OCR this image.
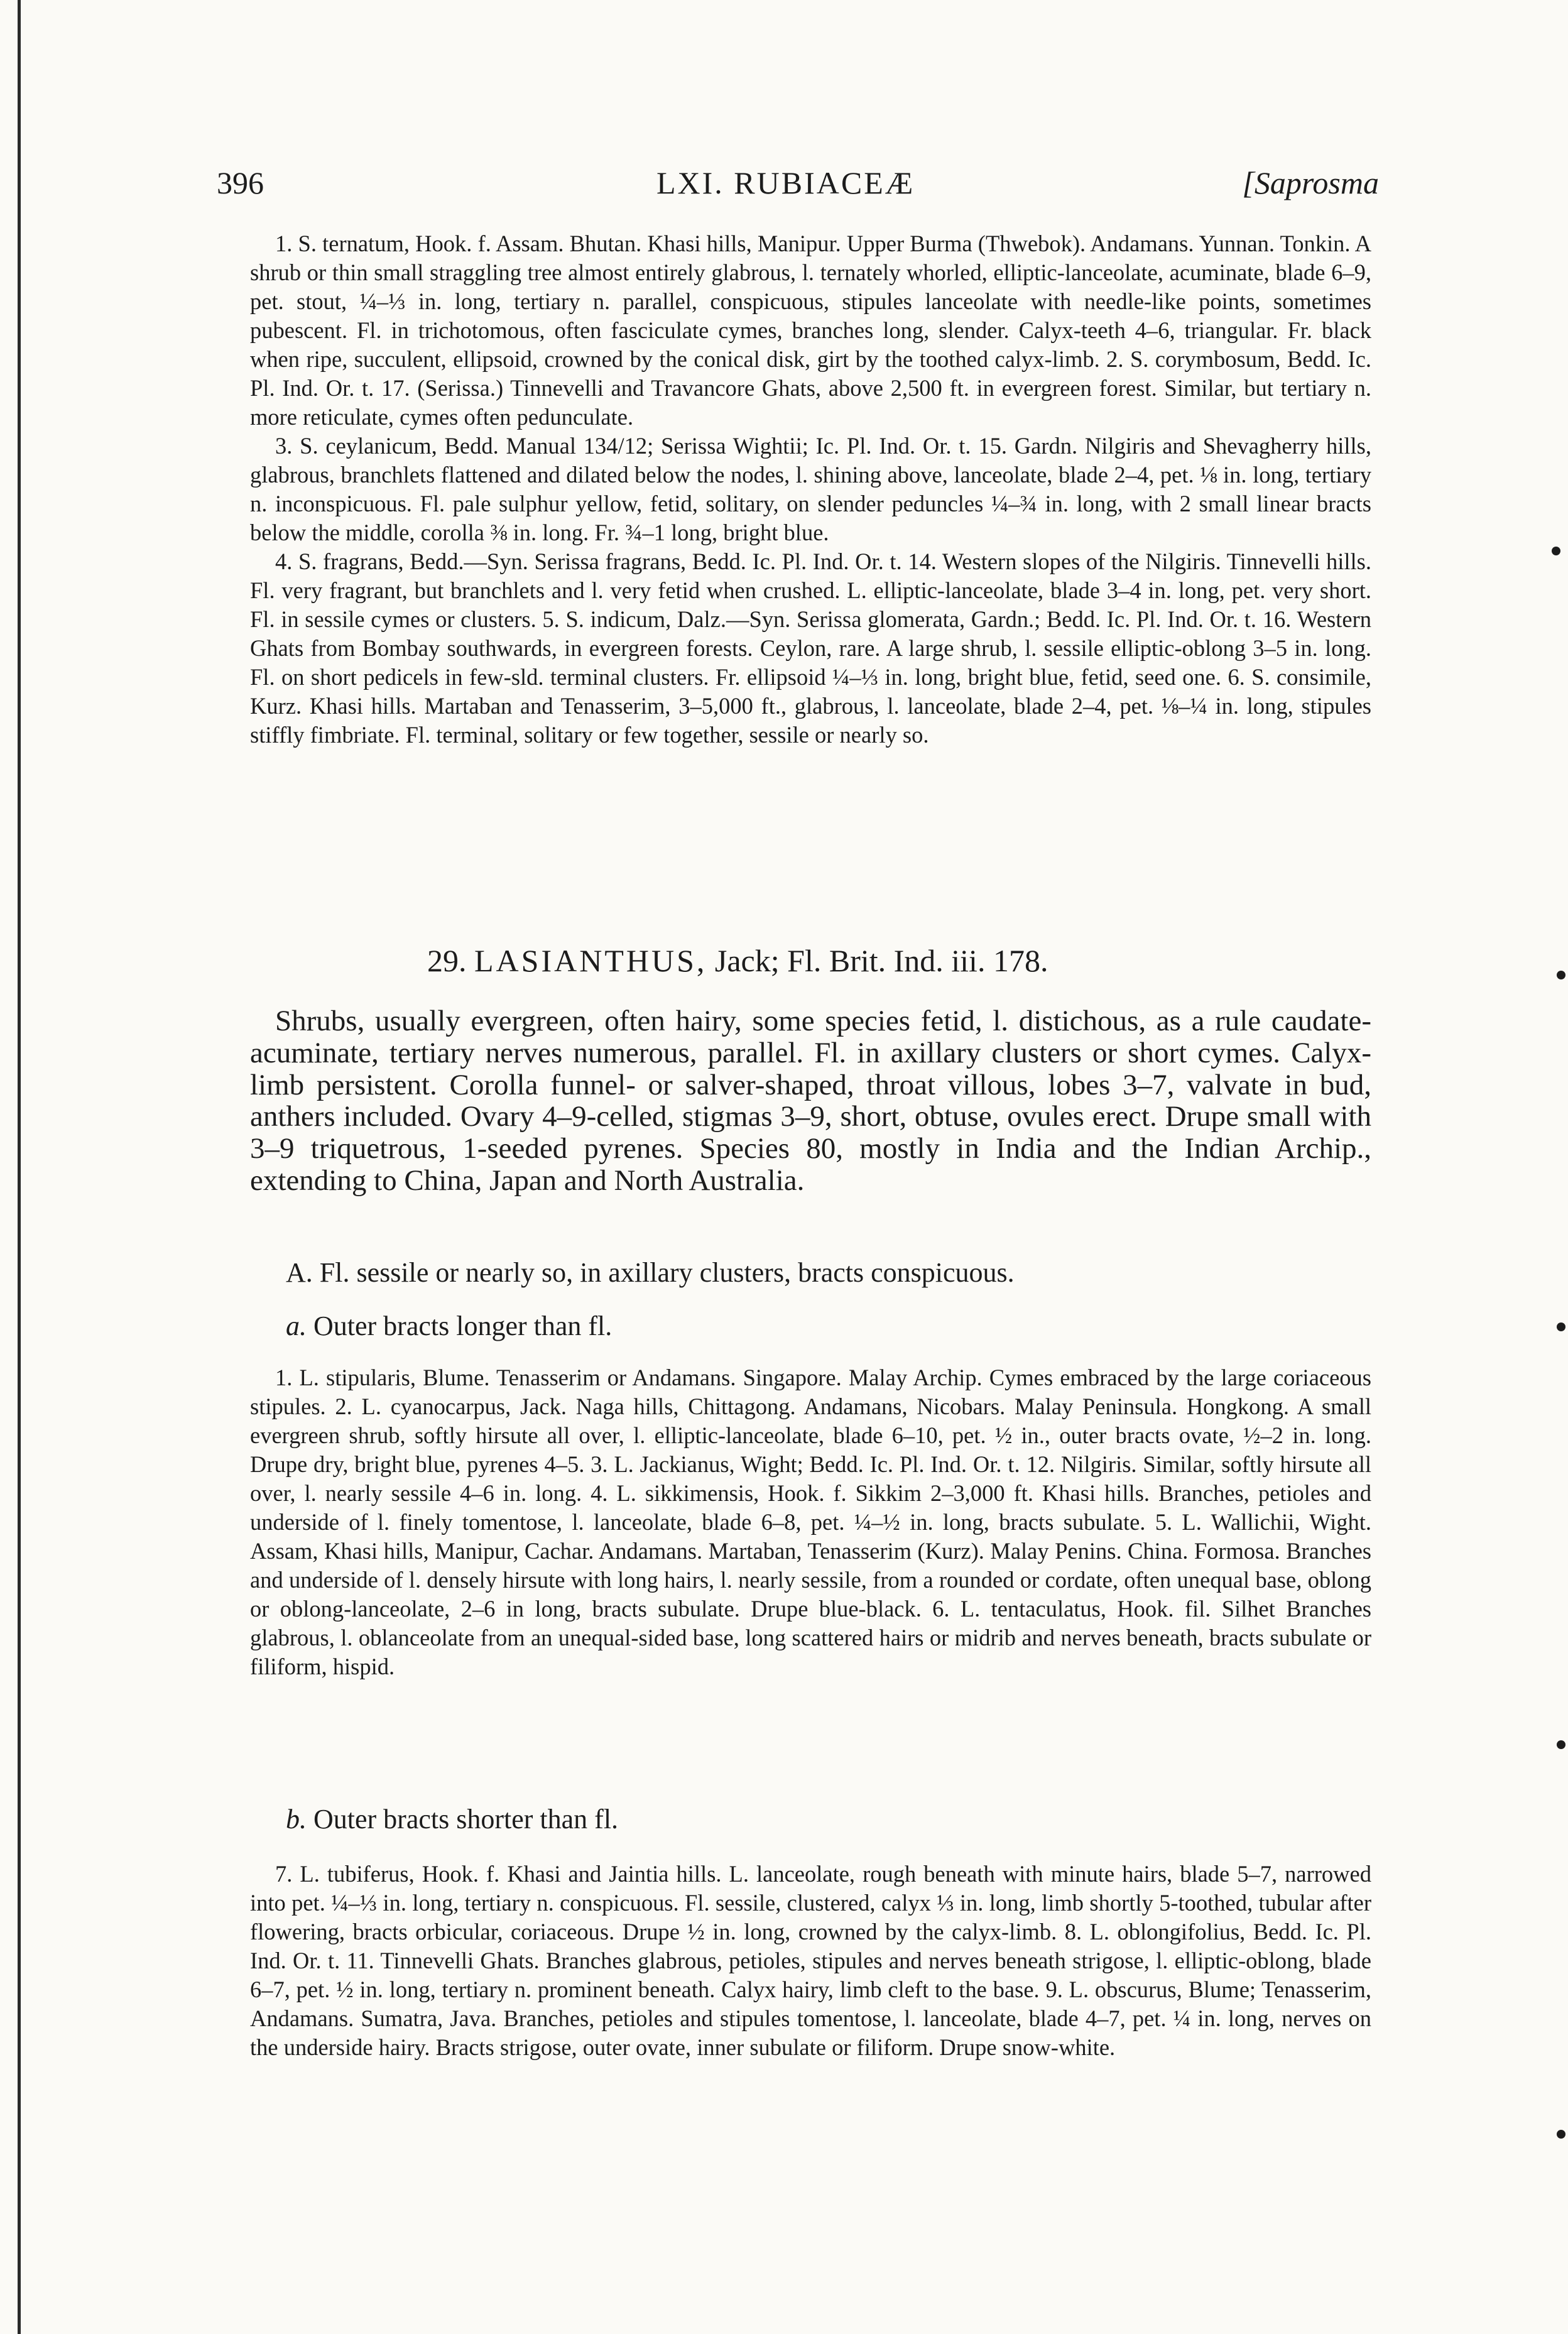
396	LXI. RUBIACEÆ	[Saprosma

1. S. ternatum, Hook. f. Assam. Bhutan. Khasi hills, Manipur. Upper Burma (Thwebok). Andamans. Yunnan. Tonkin. A shrub or thin small straggling tree almost entirely glabrous, l. ternately whorled, elliptic-lanceolate, acuminate, blade 6–9, pet. stout, ¼–⅓ in. long, tertiary n. parallel, conspicuous, stipules lanceolate with needle-like points, sometimes pubescent. Fl. in trichotomous, often fasciculate cymes, branches long, slender. Calyx-teeth 4–6, triangular. Fr. black when ripe, succulent, ellipsoid, crowned by the conical disk, girt by the toothed calyx-limb. 2. S. corymbosum, Bedd. Ic. Pl. Ind. Or. t. 17. (Serissa.) Tinnevelli and Travancore Ghats, above 2,500 ft. in evergreen forest. Similar, but tertiary n. more reticulate, cymes often pedunculate.

3. S. ceylanicum, Bedd. Manual 134/12; Serissa Wightii; Ic. Pl. Ind. Or. t. 15. Gardn. Nilgiris and Shevagherry hills, glabrous, branchlets flattened and dilated below the nodes, l. shining above, lanceolate, blade 2–4, pet. ⅛ in. long, tertiary n. inconspicuous. Fl. pale sulphur yellow, fetid, solitary, on slender peduncles ¼–¾ in. long, with 2 small linear bracts below the middle, corolla ⅜ in. long. Fr. ¾–1 long, bright blue.

4. S. fragrans, Bedd.—Syn. Serissa fragrans, Bedd. Ic. Pl. Ind. Or. t. 14. Western slopes of the Nilgiris. Tinnevelli hills. Fl. very fragrant, but branchlets and l. very fetid when crushed. L. elliptic-lanceolate, blade 3–4 in. long, pet. very short. Fl. in sessile cymes or clusters. 5. S. indicum, Dalz.—Syn. Serissa glomerata, Gardn.; Bedd. Ic. Pl. Ind. Or. t. 16. Western Ghats from Bombay southwards, in evergreen forests. Ceylon, rare. A large shrub, l. sessile elliptic-oblong 3–5 in. long. Fl. on short pedicels in few-sld. terminal clusters. Fr. ellipsoid ¼–⅓ in. long, bright blue, fetid, seed one. 6. S. consimile, Kurz. Khasi hills. Martaban and Tenasserim, 3–5,000 ft., glabrous, l. lanceolate, blade 2–4, pet. ⅛–¼ in. long, stipules stiffly fimbriate. Fl. terminal, solitary or few together, sessile or nearly so.

29. LASIANTHUS, Jack; Fl. Brit. Ind. iii. 178.

Shrubs, usually evergreen, often hairy, some species fetid, l. distichous, as a rule caudate-acuminate, tertiary nerves numerous, parallel. Fl. in axillary clusters or short cymes. Calyx-limb persistent. Corolla funnel- or salver-shaped, throat villous, lobes 3–7, valvate in bud, anthers included. Ovary 4–9-celled, stigmas 3–9, short, obtuse, ovules erect. Drupe small with 3–9 triquetrous, 1-seeded pyrenes. Species 80, mostly in India and the Indian Archip., extending to China, Japan and North Australia.

A. Fl. sessile or nearly so, in axillary clusters, bracts conspicuous.
a. Outer bracts longer than fl.

1. L. stipularis, Blume. Tenasserim or Andamans. Singapore. Malay Archip. Cymes embraced by the large coriaceous stipules. 2. L. cyanocarpus, Jack. Naga hills, Chittagong. Andamans, Nicobars. Malay Peninsula. Hongkong. A small evergreen shrub, softly hirsute all over, l. elliptic-lanceolate, blade 6–10, pet. ½ in., outer bracts ovate, ½–2 in. long. Drupe dry, bright blue, pyrenes 4–5. 3. L. Jackianus, Wight; Bedd. Ic. Pl. Ind. Or. t. 12. Nilgiris. Similar, softly hirsute all over, l. nearly sessile 4–6 in. long. 4. L. sikkimensis, Hook. f. Sikkim 2–3,000 ft. Khasi hills. Branches, petioles and underside of l. finely tomentose, l. lanceolate, blade 6–8, pet. ¼–½ in. long, bracts subulate. 5. L. Wallichii, Wight. Assam, Khasi hills, Manipur, Cachar. Andamans. Martaban, Tenasserim (Kurz). Malay Penins. China. Formosa. Branches and underside of l. densely hirsute with long hairs, l. nearly sessile, from a rounded or cordate, often unequal base, oblong or oblong-lanceolate, 2–6 in long, bracts subulate. Drupe blue-black. 6. L. tentaculatus, Hook. fil. Silhet Branches glabrous, l. oblanceolate from an unequal-sided base, long scattered hairs or midrib and nerves beneath, bracts subulate or filiform, hispid.

b. Outer bracts shorter than fl.

7. L. tubiferus, Hook. f. Khasi and Jaintia hills. L. lanceolate, rough beneath with minute hairs, blade 5–7, narrowed into pet. ¼–⅓ in. long, tertiary n. conspicuous. Fl. sessile, clustered, calyx ⅓ in. long, limb shortly 5-toothed, tubular after flowering, bracts orbicular, coriaceous. Drupe ½ in. long, crowned by the calyx-limb. 8. L. oblongifolius, Bedd. Ic. Pl. Ind. Or. t. 11. Tinnevelli Ghats. Branches glabrous, petioles, stipules and nerves beneath strigose, l. elliptic-oblong, blade 6–7, pet. ½ in. long, tertiary n. prominent beneath. Calyx hairy, limb cleft to the base. 9. L. obscurus, Blume; Tenasserim, Andamans. Sumatra, Java. Branches, petioles and stipules tomentose, l. lanceolate, blade 4–7, pet. ¼ in. long, nerves on the underside hairy. Bracts strigose, outer ovate, inner subulate or filiform. Drupe snow-white.
